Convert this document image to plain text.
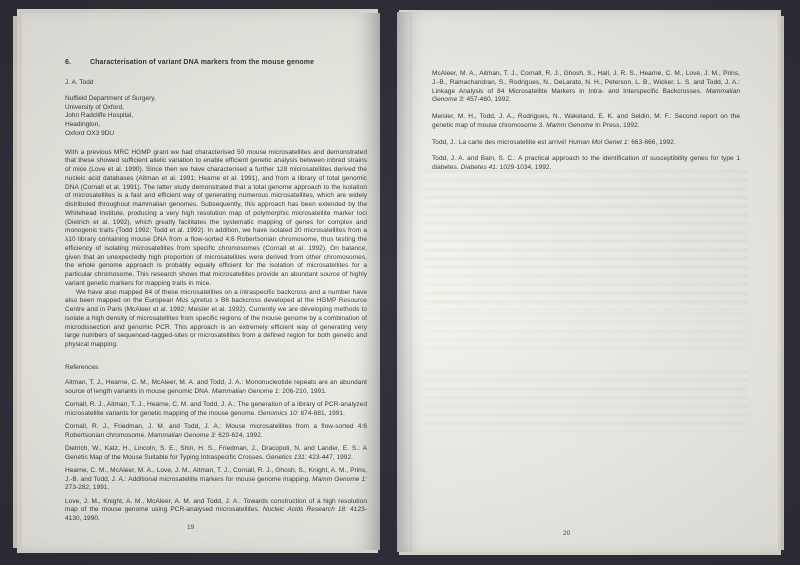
6.	Characterisation of variant DNA markers from the mouse genome
J. A. Todd
Nuffield Department of Surgery,
University of Oxford,
John Radcliffe Hospital,
Headington,
Oxford OX3 9DU

With a previous MRC HGMP grant we had characterised 50 mouse microsatellites and demonstrated that these showed sufficient allelic variation to enable efficient genetic analysis between inbred strains of mice (Love et al. 1990). Since then we have characterised a further 128 microsatellites derived the nucleic acid databases (Aitman et al. 1991; Hearne et al. 1991), and from a library of total genomic DNA (Cornall et al. 1991). The latter study demonstrated that a total genome approach to the isolation of microsatellites is a fast and efficient way of generating numerous microsatellites, which are widely distributed throughout mammalian genomes. Subsequently, this approach has been extended by the Whitehead Institute, producing a very high resolution map of polymorphic microsatellite marker loci (Dietrich et al. 1992), which greatly facilitates the systematic mapping of genes for complex and monogenic traits (Todd 1992; Todd et al. 1992). In addition, we have isolated 20 microsatellites from a λ10 library containing mouse DNA from a flow-sorted 4:6 Robertsonian chromosome, thus testing the efficiency of isolating microsatellites from specific chromosomes (Cornall et al. 1992). On balance, given that an unexpectedly high proportion of microsatellites were derived from other chromosomes, the whole genome approach is probably equally efficient for the isolation of microsatellites for a particular chromosome. This research shows that microsatellites provide an abundant source of highly variant genetic markers for mapping traits in mice.

We have also mapped 84 of these microsatellites on a intraspecific backcross and a number have also been mapped on the European Mus spretus x B6 backcross developed at the HGMP Resource Centre and in Paris (McAleer et al. 1992; Meisler et al. 1992). Currently we are developing methods to isolate a high density of microsatellites from specific regions of the mouse genome by a combination of microdissection and genomic PCR. This approach is an extremely efficient way of generating very large numbers of sequenced-tagged-sites or microsatellites from a defined region for both genetic and physical mapping.

References

Aitman, T. J., Hearne, C. M., McAleer, M. A. and Todd, J. A.: Mononucleotide repeats are an abundant source of length variants in mouse genomic DNA. Mammalian Genome 1: 206-210, 1991.

Cornall, R. J., Aitman, T. J., Hearne, C. M. and Todd, J. A.: The generation of a library of PCR-analyzed microsatellite variants for genetic mapping of the mouse genome. Genomics 10: 874-881, 1991.

Cornall, R. J., Friedman, J. M. and Todd, J. A.: Mouse microsatellites from a flow-sorted 4:6 Robertsonian chromosome. Mammalian Genome 3: 620-624, 1992.

Dietrich, W., Katz, H., Lincoln, S. E., Shin, H. S., Friedman, J., Dracopoli, N. and Lander, E. S.: A Genetic Map of the Mouse Suitable for Typing Intraspecific Crosses. Genetics 131: 423-447, 1992.

Hearne, C. M., McAleer, M. A., Love, J. M., Aitman, T. J., Cornall, R. J., Ghosh, S., Knight, A. M., Prins, J.-B. and Todd, J. A.: Additional microsatellite markers for mouse genome mapping. Mamm Genome 1: 273-282, 1991.

Love, J. M., Knight, A. M., McAleer, A. M. and Todd, J. A.: Towards construction of a high resolution map of the mouse genome using PCR-analysed microsatellites. Nucleic Acids Research 18: 4123-4130, 1990.

19

McAleer, M. A., Aitman, T. J., Cornall, R. J., Ghosh, S., Hall, J. R. S., Hearne, C. M., Love, J. M., Prins, J.-B., Ramachandran, S., Rodrigues, N., DeLarato, N. H., Peterson, L. B., Wicker, L. S. and Todd, J. A.: Linkage Analysis of 84 Microsatellite Markers in Intra- and Interspecific Backcrosses. Mammalian Genome 3: 457-460, 1992.

Meisler, M. H., Todd, J. A., Rodrigues, N., Wakeland, E. K. and Seldin, M. F.: Second report on the genetic map of mouse chromosome 3. Mamm Genome In Press, 1992.

Todd, J.: La carte des microsatellite est arrivé! Human Mol Genet 1: 663-666, 1992.

Todd, J. A. and Bain, S. C.: A practical approach to the identification of susceptibility genes for type 1 diabetes. Diabetes 41: 1029-1034, 1992.

20
